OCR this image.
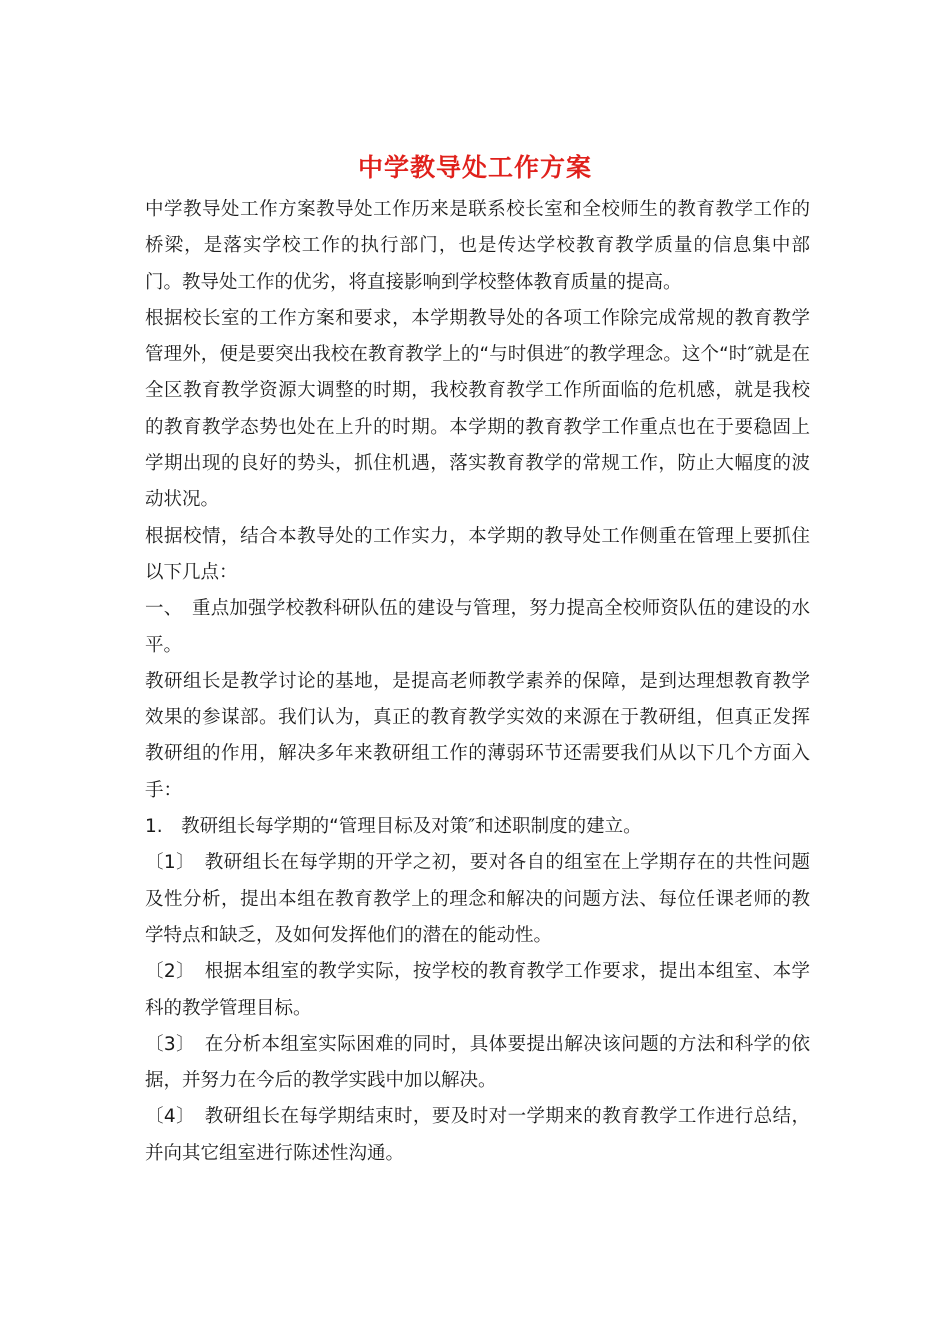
中学教导处工作方案

中学教导处工作方案教导处工作历来是联系校长室和全校师生的教育教学工作的桥梁，是落实学校工作的执行部门，也是传达学校教育教学质量的信息集中部门。教导处工作的优劣，将直接影响到学校整体教育质量的提高。

根据校长室的工作方案和要求，本学期教导处的各项工作除完成常规的教育教学管理外，便是要突出我校在教育教学上的“与时俱进″的教学理念。这个“时″就是在全区教育教学资源大调整的时期，我校教育教学工作所面临的危机感，就是我校的教育教学态势也处在上升的时期。本学期的教育教学工作重点也在于要稳固上学期出现的良好的势头，抓住机遇，落实教育教学的常规工作，防止大幅度的波动状况。

根据校情，结合本教导处的工作实力，本学期的教导处工作侧重在管理上要抓住以下几点：

一、　重点加强学校教科研队伍的建设与管理，努力提高全校师资队伍的建设的水平。

教研组长是教学讨论的基地，是提高老师教学素养的保障，是到达理想教育教学效果的参谋部。我们认为，真正的教育教学实效的来源在于教研组，但真正发挥教研组的作用，解决多年来教研组工作的薄弱环节还需要我们从以下几个方面入手：

1.　教研组长每学期的“管理目标及对策″和述职制度的建立。

〔1〕　教研组长在每学期的开学之初，要对各自的组室在上学期存在的共性问题及性分析，提出本组在教育教学上的理念和解决的问题方法、每位任课老师的教学特点和缺乏，及如何发挥他们的潜在的能动性。

〔2〕　根据本组室的教学实际，按学校的教育教学工作要求，提出本组室、本学科的教学管理目标。

〔3〕　在分析本组室实际困难的同时，具体要提出解决该问题的方法和科学的依据，并努力在今后的教学实践中加以解决。

〔4〕　教研组长在每学期结束时，要及时对一学期来的教育教学工作进行总结，并向其它组室进行陈述性沟通。
